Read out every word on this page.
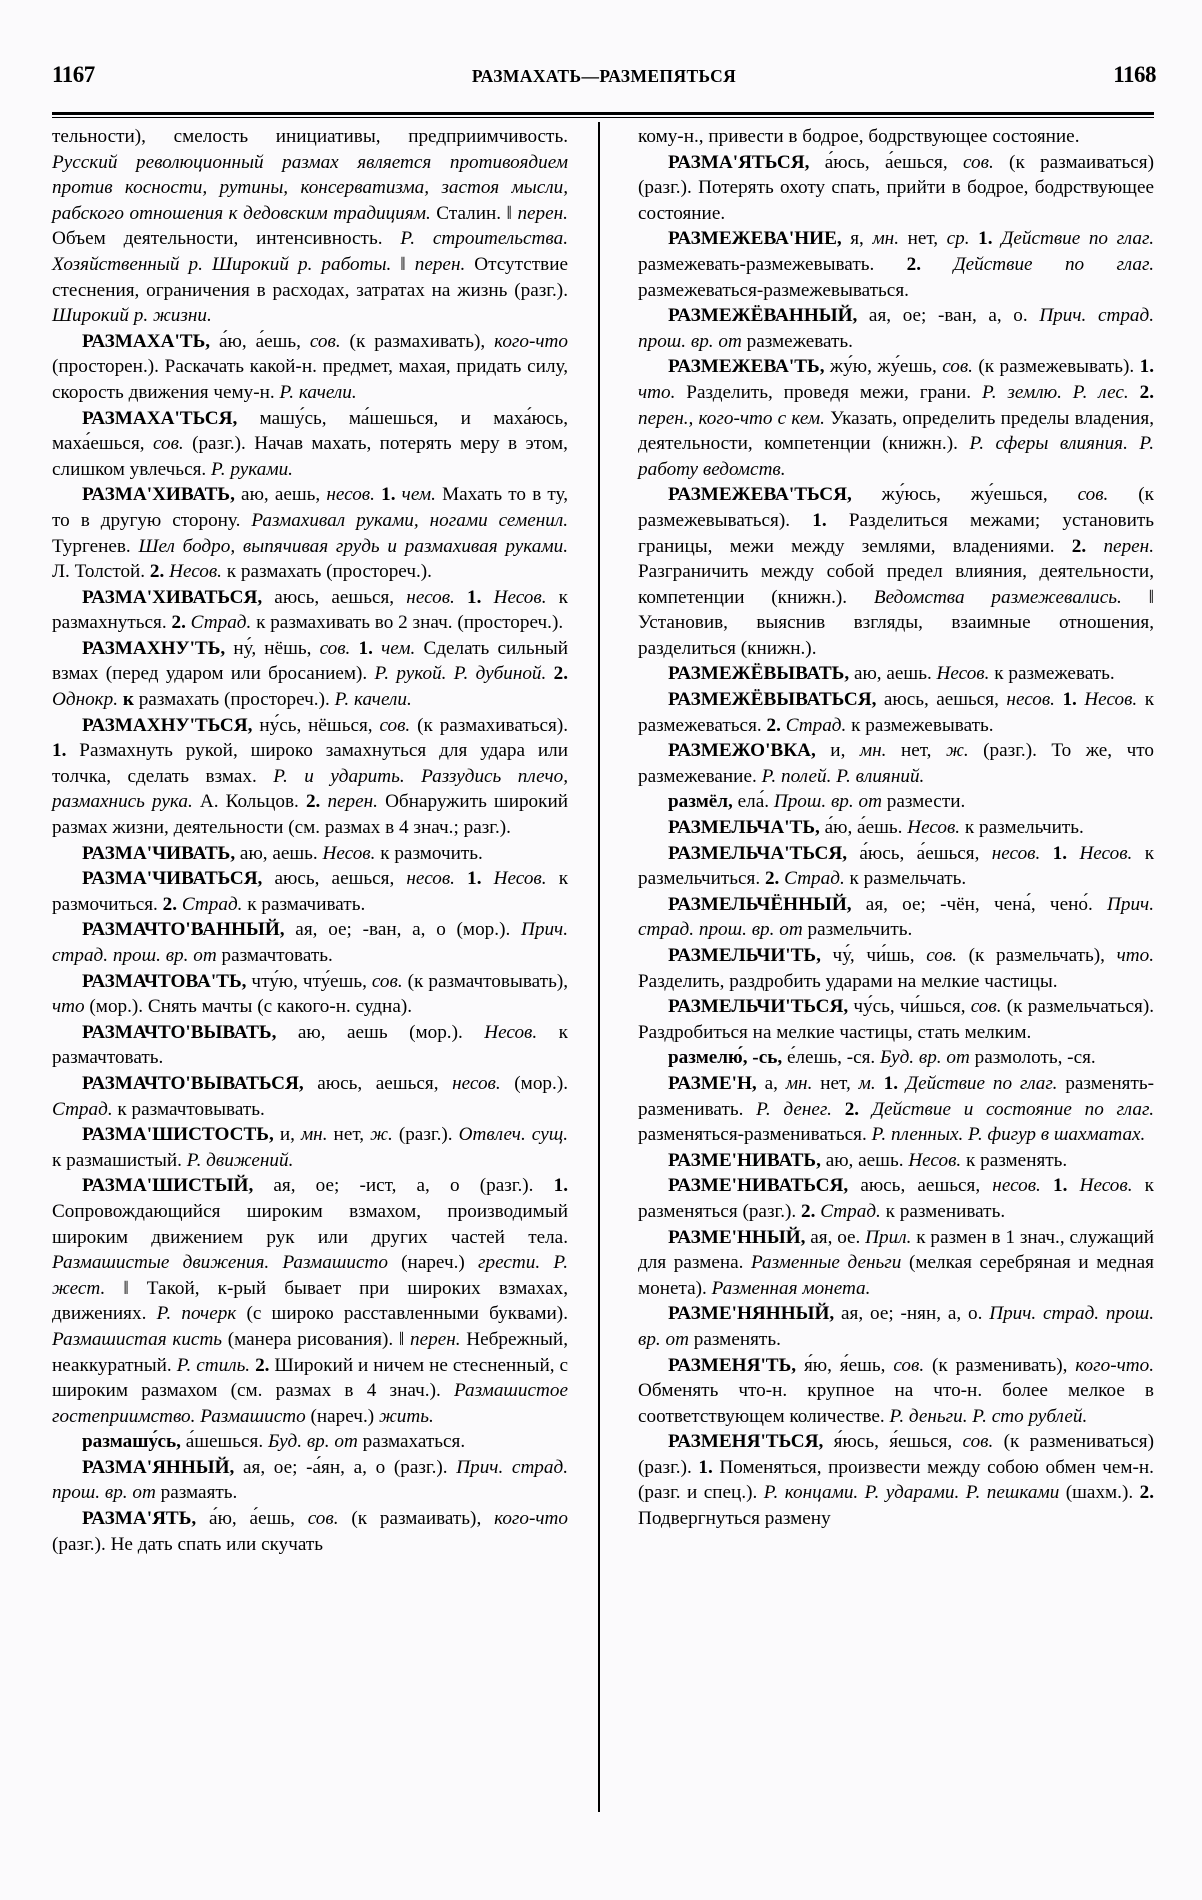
1167	РАЗМАХАТЬ—РАЗМЕПЯТЬСЯ	1168

тельности), смелость инициативы, предприимчивость. Русский революционный размах является противоядием против косности, рутины, консерватизма, застоя мысли, рабского отношения к дедовским традициям. Сталин. ‖ перен. Объем деятельности, интенсивность. Р. строительства. Хозяйственный р. Широкий р. работы. ‖ перен. Отсутствие стеснения, ограничения в расходах, затратах на жизнь (разг.). Широкий р. жизни.

РАЗМАХА'ТЬ, а́ю, а́ешь, сов. (к размахивать), кого-что (просторен.). Раскачать какой-н. предмет, махая, придать силу, скорость движения чему-н. Р. качели.

РАЗМАХА'ТЬСЯ, машу́сь, ма́шешься, и маха́юсь, маха́ешься, сов. (разг.). Начав махать, потерять меру в этом, слишком увлечься. Р. руками.

РАЗМА'ХИВАТЬ, аю, аешь, несов. 1. чем. Махать то в ту, то в другую сторону. Размахивал руками, ногами семенил. Тургенев. Шел бодро, выпячивая грудь и размахивая руками. Л. Толстой. 2. Несов. к размахать (простореч.).

РАЗМА'ХИВАТЬСЯ, аюсь, аешься, несов. 1. Несов. к размахнуться. 2. Страд. к размахивать во 2 знач. (простореч.).

РАЗМАХНУ'ТЬ, ну́, нёшь, сов. 1. чем. Сделать сильный взмах (перед ударом или бросанием). Р. рукой. Р. дубиной. 2. Однокр. к размахать (простореч.). Р. качели.

РАЗМАХНУ'ТЬСЯ, ну́сь, нёшься, сов. (к размахиваться). 1. Размахнуть рукой, широко замахнуться для удара или толчка, сделать взмах. Р. и ударить. Раззудись плечо, размахнись рука. А. Кольцов. 2. перен. Обнаружить широкий размах жизни, деятельности (см. размах в 4 знач.; разг.).

РАЗМА'ЧИВАТЬ, аю, аешь. Несов. к размочить.

РАЗМА'ЧИВАТЬСЯ, аюсь, аешься, несов. 1. Несов. к размочиться. 2. Страд. к размачивать.

РАЗМАЧТО'ВАННЫЙ, ая, ое; -ван, а, о (мор.). Прич. страд. прош. вр. от размачтовать.

РАЗМАЧТОВА'ТЬ, чту́ю, чту́ешь, сов. (к размачтовывать), что (мор.). Снять мачты (с какого-н. судна).

РАЗМАЧТО'ВЫВАТЬ, аю, аешь (мор.). Несов. к размачтовать.

РАЗМАЧТО'ВЫВАТЬСЯ, аюсь, аешься, несов. (мор.). Страд. к размачтовывать.

РАЗМА'ШИСТОСТЬ, и, мн. нет, ж. (разг.). Отвлеч. сущ. к размашистый. Р. движений.

РАЗМА'ШИСТЫЙ, ая, ое; -ист, а, о (разг.). 1. Сопровождающийся широким взмахом, производимый широким движением рук или других частей тела. Размашистые движения. Размашисто (нареч.) грести. Р. жест. ‖ Такой, к-рый бывает при широких взмахах, движениях. Р. почерк (с широко расставленными буквами). Размашистая кисть (манера рисования). ‖ перен. Небрежный, неаккуратный. Р. стиль. 2. Широкий и ничем не стесненный, с широким размахом (см. размах в 4 знач.). Размашистое гостеприимство. Размашисто (нареч.) жить.

размашу́сь, а́шешься. Буд. вр. от размахаться.

РАЗМА'ЯННЫЙ, ая, ое; -а́ян, а, о (разг.). Прич. страд. прош. вр. от размаять.

РАЗМА'ЯТЬ, а́ю, а́ешь, сов. (к размаивать), кого-что (разг.). Не дать спать или скучать

кому-н., привести в бодрое, бодрствующее состояние.

РАЗМА'ЯТЬСЯ, а́юсь, а́ешься, сов. (к размаиваться) (разг.). Потерять охоту спать, прийти в бодрое, бодрствующее состояние.

РАЗМЕЖЕВА'НИЕ, я, мн. нет, ср. 1. Действие по глаг. размежевать-размежевывать. 2. Действие по глаг. размежеваться-размежевываться.

РАЗМЕЖЁВАННЫЙ, ая, ое; -ван, а, о. Прич. страд. прош. вр. от размежевать.

РАЗМЕЖЕВА'ТЬ, жу́ю, жу́ешь, сов. (к размежевывать). 1. что. Разделить, проведя межи, грани. Р. землю. Р. лес. 2. перен., кого-что с кем. Указать, определить пределы владения, деятельности, компетенции (книжн.). Р. сферы влияния. Р. работу ведомств.

РАЗМЕЖЕВА'ТЬСЯ, жу́юсь, жу́ешься, сов. (к размежевываться). 1. Разделиться межами; установить границы, межи между землями, владениями. 2. перен. Разграничить между собой предел влияния, деятельности, компетенции (книжн.). Ведомства размежевались. ‖ Установив, выяснив взгляды, взаимные отношения, разделиться (книжн.).

РАЗМЕЖЁВЫВАТЬ, аю, аешь. Несов. к размежевать.

РАЗМЕЖЁВЫВАТЬСЯ, аюсь, аешься, несов. 1. Несов. к размежеваться. 2. Страд. к размежевывать.

РАЗМЕЖО'ВКА, и, мн. нет, ж. (разг.). То же, что размежевание. Р. полей. Р. влияний.

размёл, ела́. Прош. вр. от размести.

РАЗМЕЛЬЧА'ТЬ, а́ю, а́ешь. Несов. к размельчить.

РАЗМЕЛЬЧА'ТЬСЯ, а́юсь, а́ешься, несов. 1. Несов. к размельчиться. 2. Страд. к размельчать.

РАЗМЕЛЬЧЁННЫЙ, ая, ое; -чён, чена́, чено́. Прич. страд. прош. вр. от размельчить.

РАЗМЕЛЬЧИ'ТЬ, чу́, чи́шь, сов. (к размельчать), что. Разделить, раздробить ударами на мелкие частицы.

РАЗМЕЛЬЧИ'ТЬСЯ, чу́сь, чи́шься, сов. (к размельчаться). Раздробиться на мелкие частицы, стать мелким.

размелю́, -сь, е́лешь, -ся. Буд. вр. от размолоть, -ся.

РАЗМЕ'Н, а, мн. нет, м. 1. Действие по глаг. разменять-разменивать. Р. денег. 2. Действие и состояние по глаг. разменяться-размениваться. Р. пленных. Р. фигур в шахматах.

РАЗМЕ'НИВАТЬ, аю, аешь. Несов. к разменять.

РАЗМЕ'НИВАТЬСЯ, аюсь, аешься, несов. 1. Несов. к разменяться (разг.). 2. Страд. к разменивать.

РАЗМЕ'ННЫЙ, ая, ое. Прил. к размен в 1 знач., служащий для размена. Разменные деньги (мелкая серебряная и медная монета). Разменная монета.

РАЗМЕ'НЯННЫЙ, ая, ое; -нян, а, о. Прич. страд. прош. вр. от разменять.

РАЗМЕНЯ'ТЬ, я́ю, я́ешь, сов. (к разменивать), кого-что. Обменять что-н. крупное на что-н. более мелкое в соответствующем количестве. Р. деньги. Р. сто рублей.

РАЗМЕНЯ'ТЬСЯ, я́юсь, я́ешься, сов. (к размениваться) (разг.). 1. Поменяться, произвести между собою обмен чем-н. (разг. и спец.). Р. концами. Р. ударами. Р. пешками (шахм.). 2. Подвергнуться размену
